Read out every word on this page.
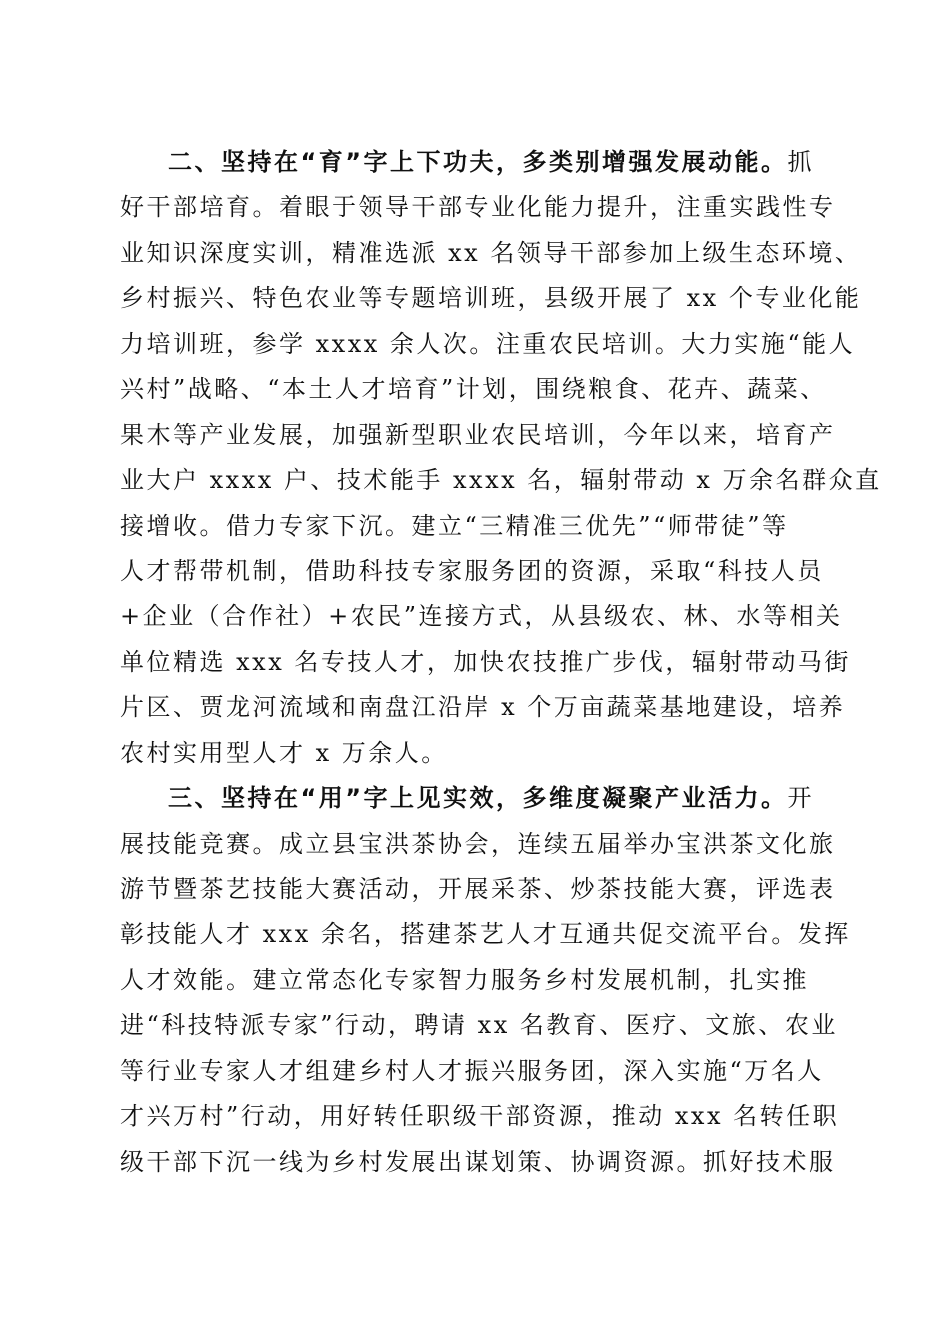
二、坚持在“育”字上下功夫，多类别增强发展动能。抓
好干部培育。着眼于领导干部专业化能力提升，注重实践性专
业知识深度实训，精准选派 xx 名领导干部参加上级生态环境、
乡村振兴、特色农业等专题培训班，县级开展了 xx 个专业化能
力培训班，参学 xxxx 余人次。注重农民培训。大力实施“能人
兴村”战略、“本土人才培育”计划，围绕粮食、花卉、蔬菜、
果木等产业发展，加强新型职业农民培训，今年以来，培育产
业大户 xxxx 户、技术能手 xxxx 名，辐射带动 x 万余名群众直
接增收。借力专家下沉。建立“三精准三优先”“师带徒”等
人才帮带机制，借助科技专家服务团的资源，采取“科技人员
+企业（合作社）+农民”连接方式，从县级农、林、水等相关
单位精选 xxx 名专技人才，加快农技推广步伐，辐射带动马街
片区、贾龙河流域和南盘江沿岸 x 个万亩蔬菜基地建设，培养
农村实用型人才 x 万余人。
三、坚持在“用”字上见实效，多维度凝聚产业活力。开
展技能竞赛。成立县宝洪茶协会，连续五届举办宝洪茶文化旅
游节暨茶艺技能大赛活动，开展采茶、炒茶技能大赛，评选表
彰技能人才 xxx 余名，搭建茶艺人才互通共促交流平台。发挥
人才效能。建立常态化专家智力服务乡村发展机制，扎实推
进“科技特派专家”行动，聘请 xx 名教育、医疗、文旅、农业
等行业专家人才组建乡村人才振兴服务团，深入实施“万名人
才兴万村”行动，用好转任职级干部资源，推动 xxx 名转任职
级干部下沉一线为乡村发展出谋划策、协调资源。抓好技术服
